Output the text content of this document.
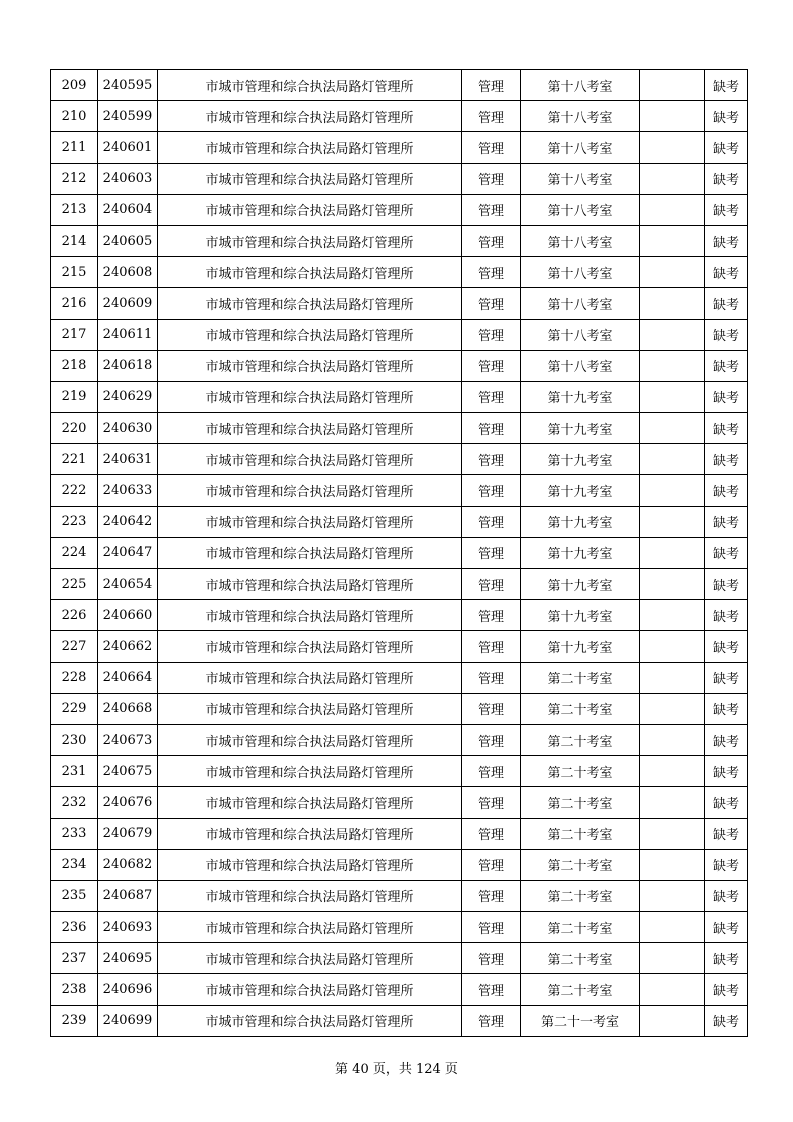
209	240595	市城市管理和综合执法局路灯管理所	管理	第十八考室		缺考
210	240599	市城市管理和综合执法局路灯管理所	管理	第十八考室		缺考
211	240601	市城市管理和综合执法局路灯管理所	管理	第十八考室		缺考
212	240603	市城市管理和综合执法局路灯管理所	管理	第十八考室		缺考
213	240604	市城市管理和综合执法局路灯管理所	管理	第十八考室		缺考
214	240605	市城市管理和综合执法局路灯管理所	管理	第十八考室		缺考
215	240608	市城市管理和综合执法局路灯管理所	管理	第十八考室		缺考
216	240609	市城市管理和综合执法局路灯管理所	管理	第十八考室		缺考
217	240611	市城市管理和综合执法局路灯管理所	管理	第十八考室		缺考
218	240618	市城市管理和综合执法局路灯管理所	管理	第十八考室		缺考
219	240629	市城市管理和综合执法局路灯管理所	管理	第十九考室		缺考
220	240630	市城市管理和综合执法局路灯管理所	管理	第十九考室		缺考
221	240631	市城市管理和综合执法局路灯管理所	管理	第十九考室		缺考
222	240633	市城市管理和综合执法局路灯管理所	管理	第十九考室		缺考
223	240642	市城市管理和综合执法局路灯管理所	管理	第十九考室		缺考
224	240647	市城市管理和综合执法局路灯管理所	管理	第十九考室		缺考
225	240654	市城市管理和综合执法局路灯管理所	管理	第十九考室		缺考
226	240660	市城市管理和综合执法局路灯管理所	管理	第十九考室		缺考
227	240662	市城市管理和综合执法局路灯管理所	管理	第十九考室		缺考
228	240664	市城市管理和综合执法局路灯管理所	管理	第二十考室		缺考
229	240668	市城市管理和综合执法局路灯管理所	管理	第二十考室		缺考
230	240673	市城市管理和综合执法局路灯管理所	管理	第二十考室		缺考
231	240675	市城市管理和综合执法局路灯管理所	管理	第二十考室		缺考
232	240676	市城市管理和综合执法局路灯管理所	管理	第二十考室		缺考
233	240679	市城市管理和综合执法局路灯管理所	管理	第二十考室		缺考
234	240682	市城市管理和综合执法局路灯管理所	管理	第二十考室		缺考
235	240687	市城市管理和综合执法局路灯管理所	管理	第二十考室		缺考
236	240693	市城市管理和综合执法局路灯管理所	管理	第二十考室		缺考
237	240695	市城市管理和综合执法局路灯管理所	管理	第二十考室		缺考
238	240696	市城市管理和综合执法局路灯管理所	管理	第二十考室		缺考
239	240699	市城市管理和综合执法局路灯管理所	管理	第二十一考室		缺考
第 40 页，共 124 页
